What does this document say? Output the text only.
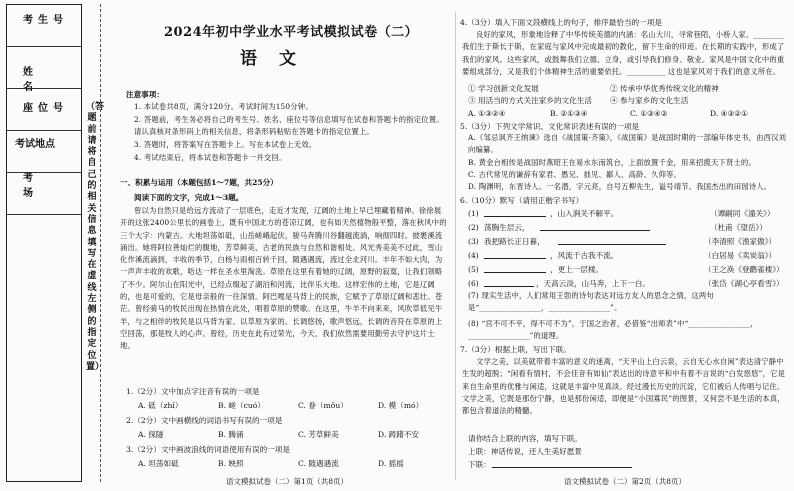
考生号
姓名
座位号
考试地点
考场
（答题前请将自己的相关信息填写在虚线左侧的指定位置）
2024年初中学业水平考试模拟试卷（二）
语文
注意事项：
1. 本试卷共8页，满分120分。考试时间为150分钟。
2. 答题前，考生务必将自己的考生号、姓名、座位号等信息填写在试卷和答题卡的指定位置。请认真核对条形码上的相关信息，将条形码粘贴在答题卡的指定位置上。
3. 答题时，将答案写在答题卡上。写在本试卷上无效。
4. 考试结束后，将本试卷和答题卡一并交回。
一、积累与运用（本题包括1～7题，共25分）
阅读下面的文字，完成1～3题。
曾以为自然只是给远方流动了一层底色，走近才发现，辽阔的土地上早已埋藏着精神。徐徐展开的这张2400公里长的画卷上，既有中国北方的苍凉辽阔，也有如天然植物般平整，落在秋风中的三个大字：内蒙古。大地坦荡如砥，山岳嵯峨起伏，骏马奔腾川谷翻越流淌，响彻四时。披裹溪流涌出。她将阿拉善灿烂的腹地，芳草鲜美，古老的民族与自然和谐相处。风光秀美美不过此，雪山化作溪流滴到，丰收的季节，白杨与雨相百转千回，随遇遇流，流过全北河川。丰年不如大肉，为一声声丰收的欢歌，哈达一样在圣水里淘洗。草原在这里有着她的辽阔，原野的寂寞，让我们领略了不少。阿尔山在阳光中，已经点缀起了湖泊和河流，比伴乐大地。这样宏伟的土地，它是辽阔的，也是可爱的，它是母亲般的一往深情。阿巴嘎是马背上的民族，它赋予了草原辽阔和悲壮、苍茫。曾经骑马的牧民出现在热情在此处，唱着草原的赞歌。在这里，牛羊不向来来，风吹草低见牛羊，与之相伴的牧民是以马背为家、以草原为家的。长调悠扬，歌声悠远，长调的音符在草原的上空回荡，那是牧人的心声。曾经，历史在此有过荣光，今天，我们依然需要用勤劳去守护这片土地。
1.（2分）文中加点字注音有误的一项是
A. 砥（zhǐ）	B. 嵯（cuó）	C. 眷（mǒu）	D. 模（mó）
2.（2分）文中画横线的词语书写有误的一项是
A. 探隧	B. 腾涌	C. 芳草鲜美	D. 踌躇不安
3.（2分）文中画波浪线的词语使用有误的一项是
A. 坦荡如砥	B. 映照	C. 随遇遇流	D. 摇摇
语文模拟试卷（二）第1页（共8页）
4.（3分）填入下面文段横线上的句子，排序最恰当的一项是
良好的家风，形象地诠释了中华传统美德的内涵：名山大川，寻常巷陌，小桥人家。________我们生于斯长于斯，在家庭与家风中完成最初的教化，留下生命的印迹。在长期的实践中，形成了我们的家风。这些家风，或鼓舞我们立德、立身，或引导我们修身、敬业。家风是中国文化中的重要组成部分，又是我们个体精神生活的重要依托。__________ 这也是家风对于我们的意义所在。
① 学习创新文化发展	② 传承中华优秀传统文化的精神
③ 用活当的方式关注家乡的文化生活 ④ 参与家乡的文化生活
A. ①③②④	B. ②①③④	C. ①③④②	D. ④③②①
5.（3分）下列文学常识、文化常识表述有误的一项是
A.《邹忌讽齐王纳谏》选自《战国策·齐策》，《战国策》是战国时期的一部编年体史书，由西汉刘向编纂。
B. 黄金台相传是战国时燕昭王在易水东南筑台，上面放置千金，用来招揽天下贤士的。
C. 古代常见的谦辞有家君、愚兄、拙见、鄙人、高龄、久仰等。
D. 陶渊明，东晋诗人。一名潜，字元亮，自号五柳先生，谥号靖节。我国杰出的田园诗人。
6.（10分）默写（请用正楷字书写）
(1)	，山入涧关不解平。	（谭嗣同《潼关》）
(2) 荡胸生层云，	（杜甫《望岳》）
(3) 我把路长正日暮，	（李清照《渔家傲》）
(4)	，风流千古我不流。	（白居易《卖炭翁》）
(5)	，更上一层楼。	（王之涣《登鹳雀楼》）
(6)	，天高云淡，山马奔，上下一白。	（张岱《湖心亭看雪》）
(7) 现实生活中，人们常用王勃的诗句表达对远方友人的思念之情，这两句是“________________，________________”。
(8) “宫不可不平，得不可不为”，于国之治者，必借鉴“出师表”中“________________，________________”的道理。
7.（3分）根据上联，写出下联。
文学之美，以美就带着丰富的意义的迷离，“天平山上白云泉，云自无心水自闲”表达清宁静中生发的超脱；“闲看有情村，不会佳音有如仙”表达出的诗意平和中有着不言说的“白发悠悠”，它是来自生命里的优雅与闲适，这就是丰富中见真淡。经过漫长历史的沉淀，它们被后人传唱与记住。文学之美，它既是那份宁静，也是那份闲适，即便是“小国寡民”的图景，又何尝不是生活的本真，都包含着道法的精髓。
请你结合上联的内容，填写下联。
上联：神话传说，还人生美好愿景
下联：
语文模拟试卷（二）第2页（共8页）
